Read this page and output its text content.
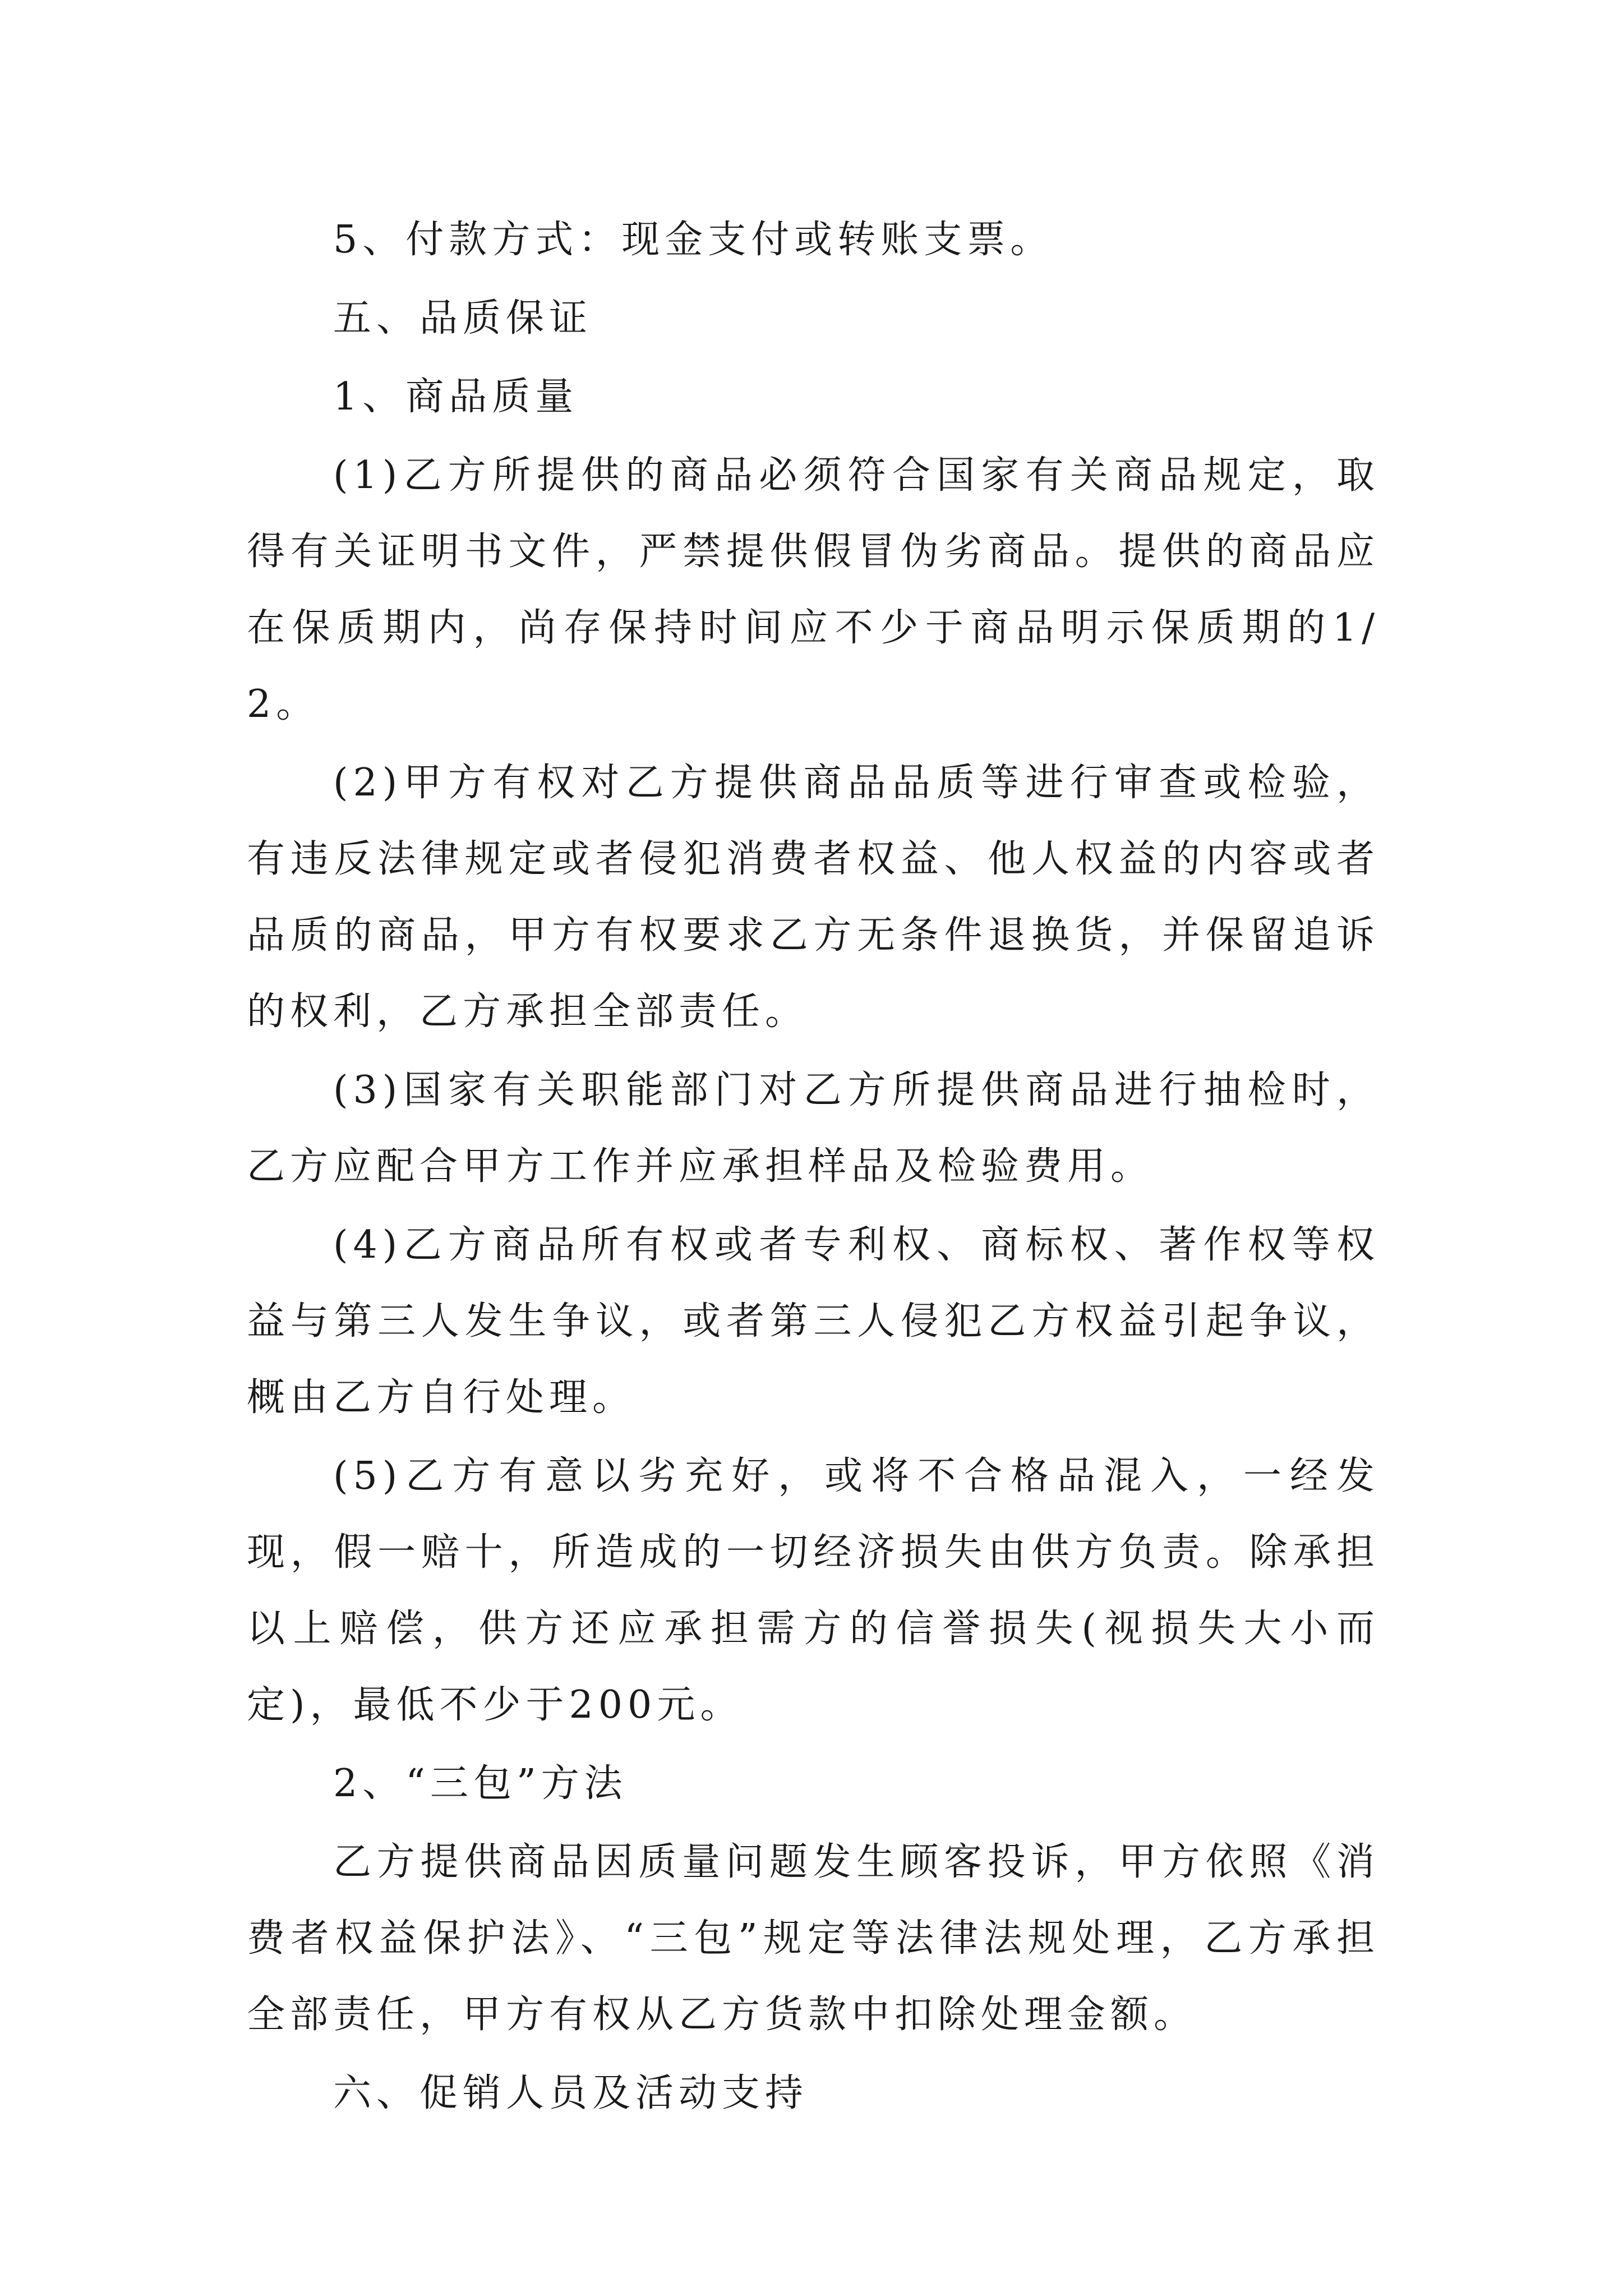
5、付款方式：现金支付或转账支票。

五、品质保证

1、商品质量

(1)乙方所提供的商品必须符合国家有关商品规定，取得有关证明书文件，严禁提供假冒伪劣商品。提供的商品应在保质期内，尚存保持时间应不少于商品明示保质期的1/2。

(2)甲方有权对乙方提供商品品质等进行审查或检验，有违反法律规定或者侵犯消费者权益、他人权益的内容或者品质的商品，甲方有权要求乙方无条件退换货，并保留追诉的权利，乙方承担全部责任。

(3)国家有关职能部门对乙方所提供商品进行抽检时，乙方应配合甲方工作并应承担样品及检验费用。

(4)乙方商品所有权或者专利权、商标权、著作权等权益与第三人发生争议，或者第三人侵犯乙方权益引起争议，概由乙方自行处理。

(5)乙方有意以劣充好，或将不合格品混入，一经发现，假一赔十，所造成的一切经济损失由供方负责。除承担以上赔偿，供方还应承担需方的信誉损失(视损失大小而定)，最低不少于200元。

2、“三包”方法

乙方提供商品因质量问题发生顾客投诉，甲方依照《消费者权益保护法》、“三包”规定等法律法规处理，乙方承担全部责任，甲方有权从乙方货款中扣除处理金额。

六、促销人员及活动支持
